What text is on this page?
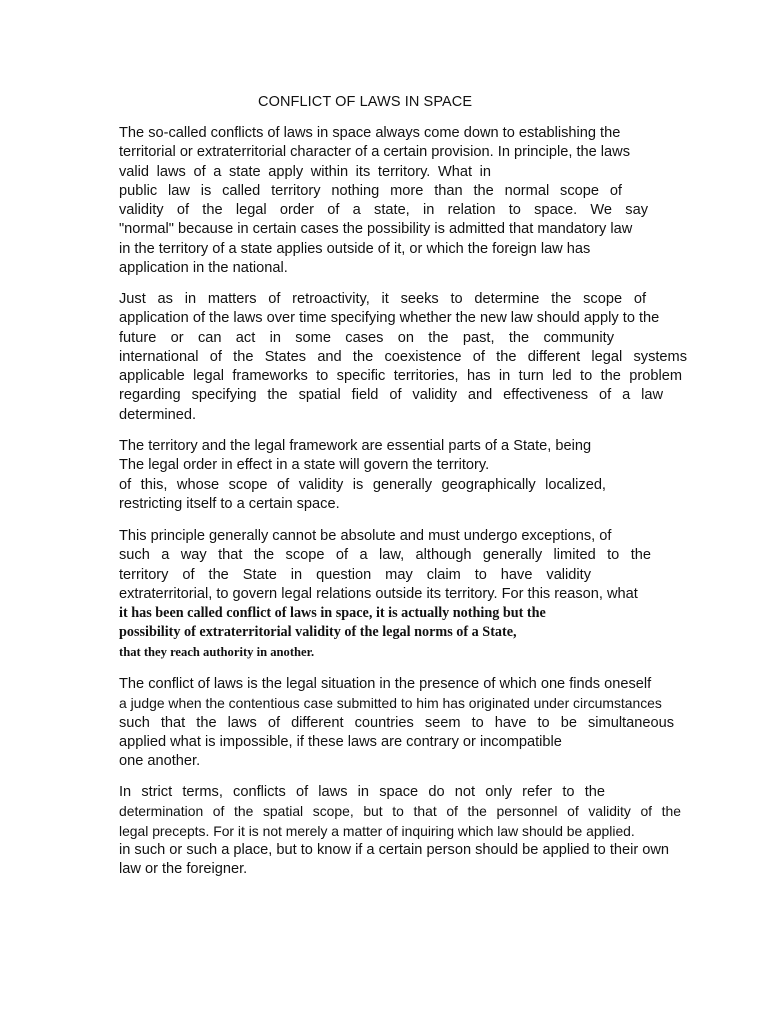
CONFLICT OF LAWS IN SPACE
The so-called conflicts of laws in space always come down to establishing the
territorial or extraterritorial character of a certain provision. In principle, the laws
valid laws of a state apply within its territory. What in
public law is called territory nothing more than the normal scope of
validity of the legal order of a state, in relation to space. We say
"normal" because in certain cases the possibility is admitted that mandatory law
in the territory of a state applies outside of it, or which the foreign law has
application in the national.
Just as in matters of retroactivity, it seeks to determine the scope of
application of the laws over time specifying whether the new law should apply to the
future or can act in some cases on the past, the community
international of the States and the coexistence of the different legal systems
applicable legal frameworks to specific territories, has in turn led to the problem
regarding specifying the spatial field of validity and effectiveness of a law
determined.
The territory and the legal framework are essential parts of a State, being
The legal order in effect in a state will govern the territory.
of this, whose scope of validity is generally geographically localized,
restricting itself to a certain space.
This principle generally cannot be absolute and must undergo exceptions, of
such a way that the scope of a law, although generally limited to the
territory of the State in question may claim to have validity
extraterritorial, to govern legal relations outside its territory. For this reason, what
it has been called conflict of laws in space, it is actually nothing but the
possibility of extraterritorial validity of the legal norms of a State,
that they reach authority in another.
The conflict of laws is the legal situation in the presence of which one finds oneself
a judge when the contentious case submitted to him has originated under circumstances
such that the laws of different countries seem to have to be simultaneous
applied what is impossible, if these laws are contrary or incompatible
one another.
In strict terms, conflicts of laws in space do not only refer to the
determination of the spatial scope, but to that of the personnel of validity of the
legal precepts. For it is not merely a matter of inquiring which law should be applied.
in such or such a place, but to know if a certain person should be applied to their own
law or the foreigner.
